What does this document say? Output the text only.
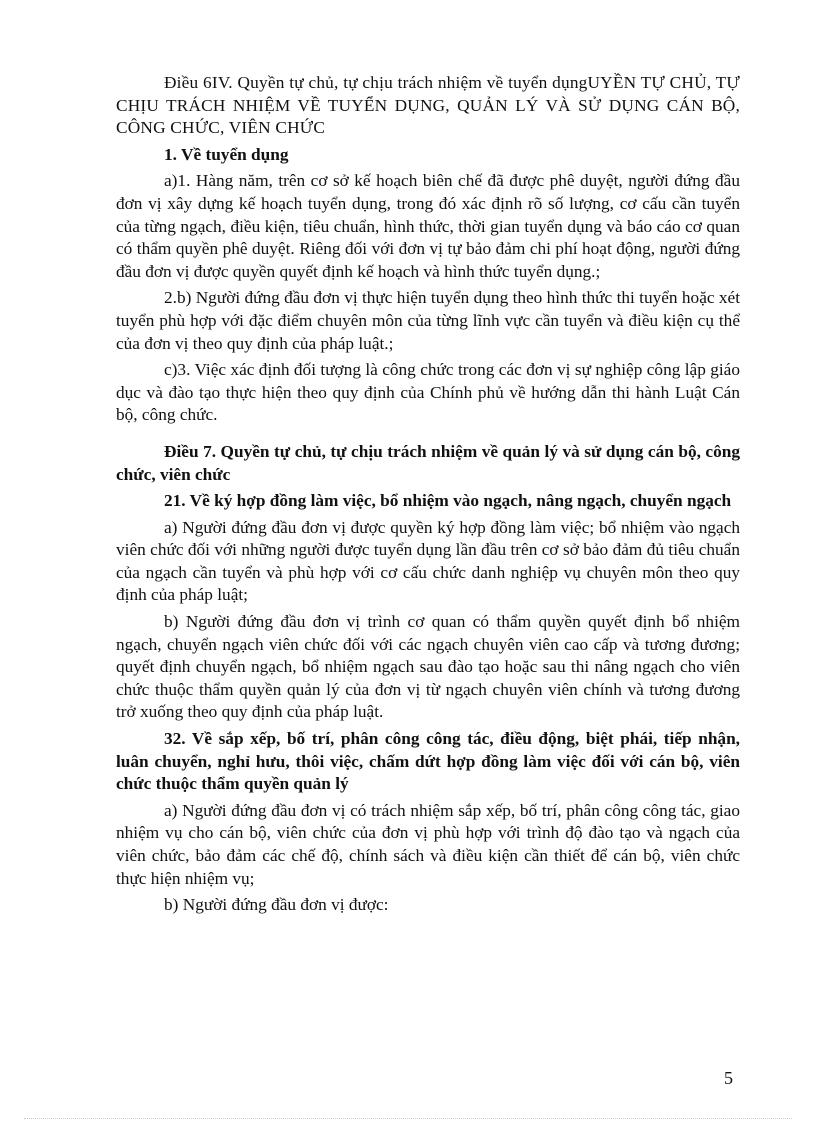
Điều 6IV. Quyền tự chủ, tự chịu trách nhiệm về tuyển dụngUYỀN TỰ CHỦ, TỰ CHỊU TRÁCH NHIỆM VỀ TUYỂN DỤNG, QUẢN LÝ VÀ SỬ DỤNG CÁN BỘ, CÔNG CHỨC, VIÊN CHỨC

1. Về tuyển dụng

a)1. Hàng năm, trên cơ sở kế hoạch biên chế đã được phê duyệt, người đứng đầu đơn vị xây dựng kế hoạch tuyển dụng, trong đó xác định rõ số lượng, cơ cấu cần tuyển của từng ngạch, điều kiện, tiêu chuẩn, hình thức, thời gian tuyển dụng và báo cáo cơ quan có thẩm quyền phê duyệt. Riêng đối với đơn vị tự bảo đảm chi phí hoạt động, người đứng đầu đơn vị được quyền quyết định kế hoạch và hình thức tuyển dụng.;

2.b) Người đứng đầu đơn vị thực hiện tuyển dụng theo hình thức thi tuyển hoặc xét tuyển phù hợp với đặc điểm chuyên môn của từng lĩnh vực cần tuyển và điều kiện cụ thể của đơn vị theo quy định của pháp luật.;

c)3. Việc xác định đối tượng là công chức trong các đơn vị sự nghiệp công lập giáo dục và đào tạo thực hiện theo quy định của Chính phủ về hướng dẫn thi hành Luật Cán bộ, công chức.

Điều 7. Quyền tự chủ, tự chịu trách nhiệm về quản lý và sử dụng cán bộ, công chức, viên chức

21. Về ký hợp đồng làm việc, bổ nhiệm vào ngạch, nâng ngạch, chuyển ngạch

a) Người đứng đầu đơn vị được quyền ký hợp đồng làm việc; bổ nhiệm vào ngạch viên chức đối với những người được tuyển dụng lần đầu trên cơ sở bảo đảm đủ tiêu chuẩn của ngạch cần tuyển và phù hợp với cơ cấu chức danh nghiệp vụ chuyên môn theo quy định của pháp luật;

b) Người đứng đầu đơn vị trình cơ quan có thẩm quyền quyết định bổ nhiệm ngạch, chuyển ngạch viên chức đối với các ngạch chuyên viên cao cấp và tương đương; quyết định chuyển ngạch, bổ nhiệm ngạch sau đào tạo hoặc sau thi nâng ngạch cho viên chức thuộc thẩm quyền quản lý của đơn vị từ ngạch chuyên viên chính và tương đương trở xuống theo quy định của pháp luật.

32. Về sắp xếp, bố trí, phân công công tác, điều động, biệt phái, tiếp nhận, luân chuyển, nghỉ hưu, thôi việc, chấm dứt hợp đồng làm việc đối với cán bộ, viên chức thuộc thẩm quyền quản lý

a) Người đứng đầu đơn vị có trách nhiệm sắp xếp, bố trí, phân công công tác, giao nhiệm vụ cho cán bộ, viên chức của đơn vị phù hợp với trình độ đào tạo và ngạch của viên chức, bảo đảm các chế độ, chính sách và điều kiện cần thiết để cán bộ, viên chức thực hiện nhiệm vụ;

b) Người đứng đầu đơn vị được:

5
